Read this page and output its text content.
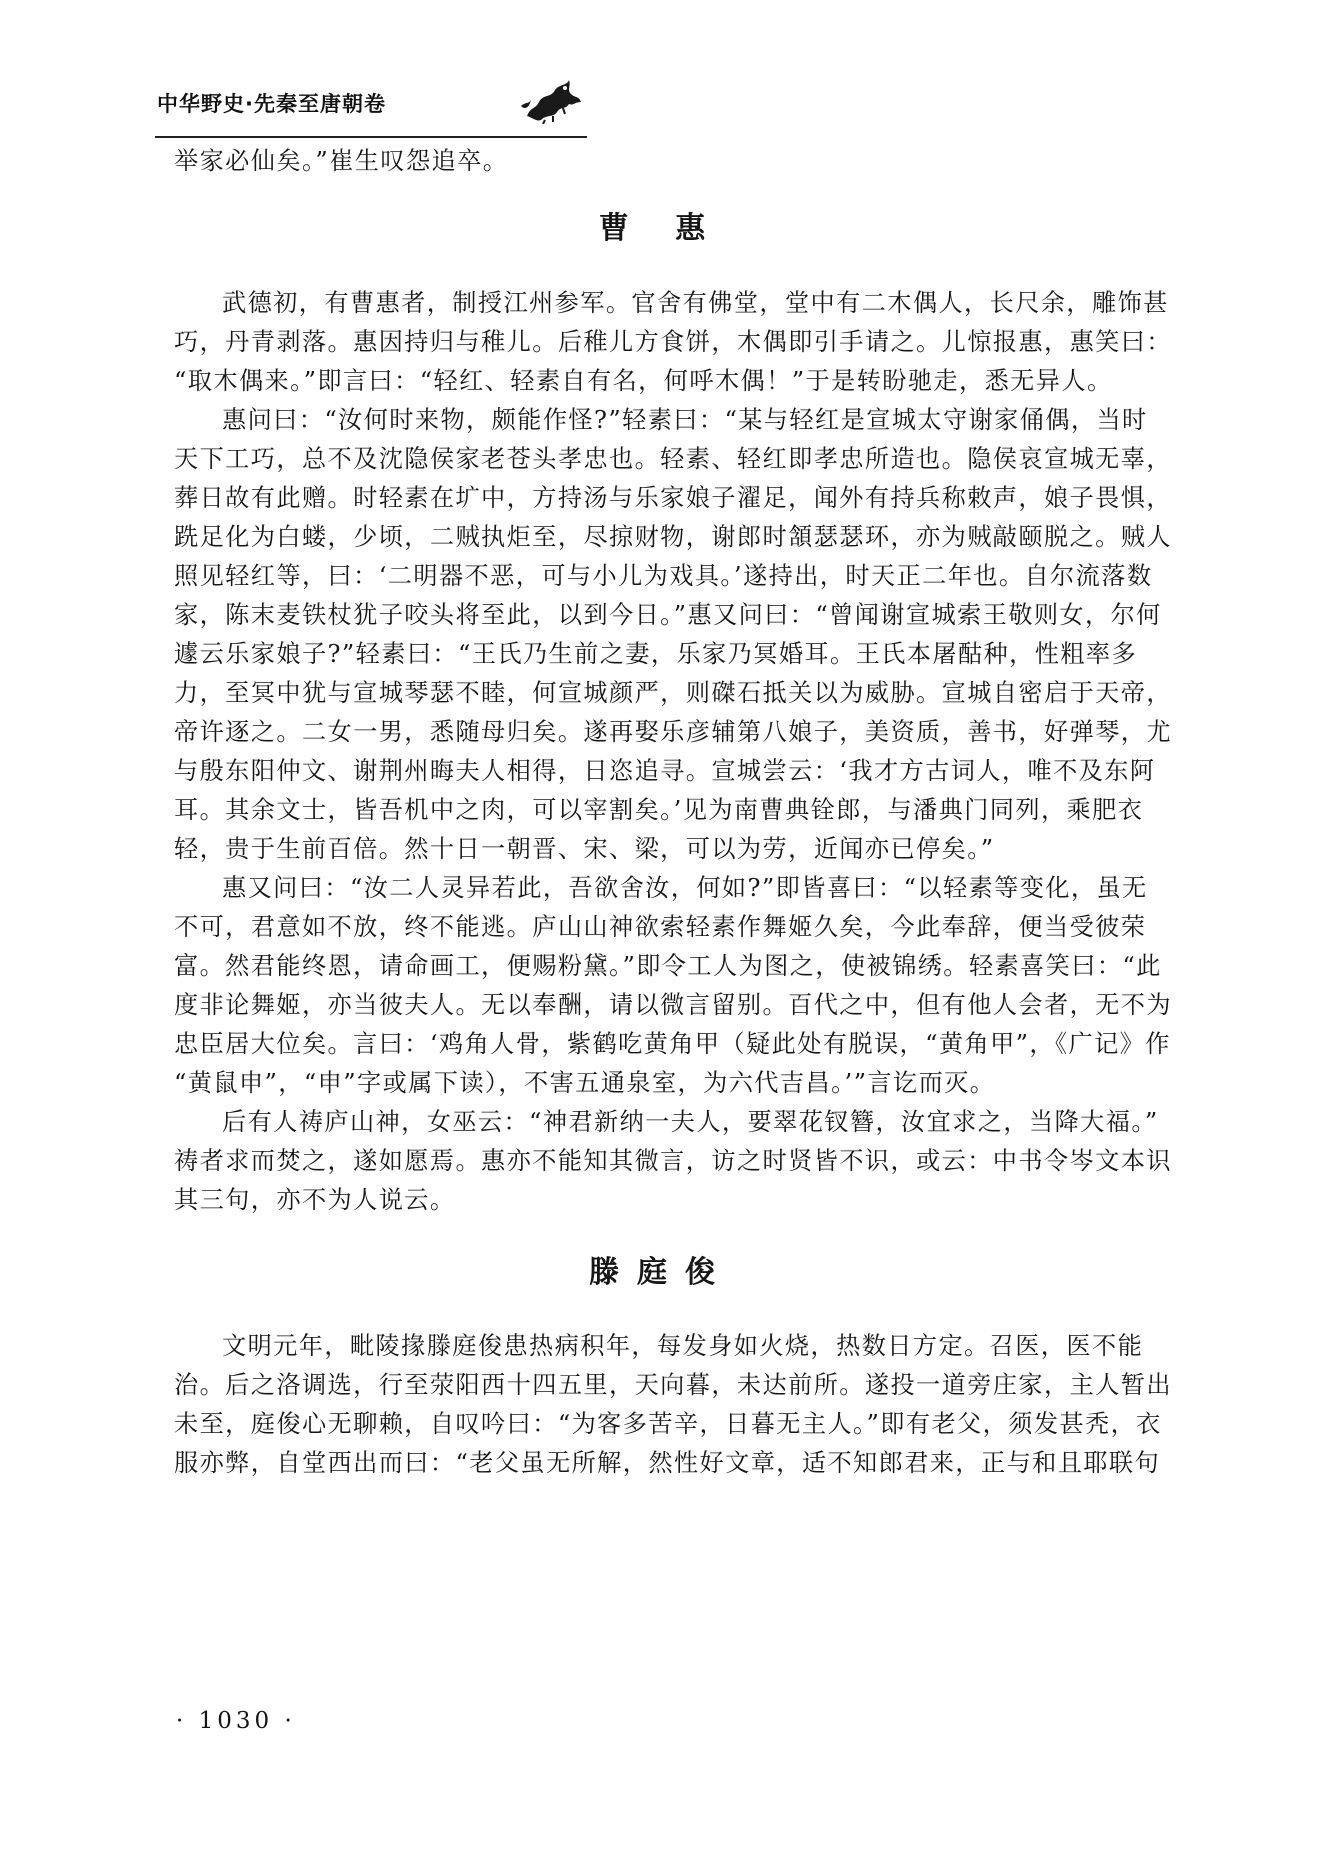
中华野史·先秦至唐朝卷

举家必仙矣。”崔生叹怨追卒。

曹 惠

武德初，有曹惠者，制授江州参军。官舍有佛堂，堂中有二木偶人，长尺余，雕饰甚

巧，丹青剥落。惠因持归与稚儿。后稚儿方食饼，木偶即引手请之。儿惊报惠，惠笑曰：

“取木偶来。”即言曰：“轻红、轻素自有名，何呼木偶！”于是转盼驰走，悉无异人。

惠问曰：“汝何时来物，颇能作怪?”轻素曰：“某与轻红是宣城太守谢家俑偶，当时

天下工巧，总不及沈隐侯家老苍头孝忠也。轻素、轻红即孝忠所造也。隐侯哀宣城无辜，

葬日故有此赠。时轻素在圹中，方持汤与乐家娘子濯足，闻外有持兵称敕声，娘子畏惧，

跣足化为白蝼，少顷，二贼执炬至，尽掠财物，谢郎时頷瑟瑟环，亦为贼敲颐脱之。贼人

照见轻红等，曰：‘二明器不恶，可与小儿为戏具。’遂持出，时天正二年也。自尔流落数

家，陈末麦铁杖犹子咬头将至此，以到今日。”惠又问曰：“曾闻谢宣城索王敬则女，尔何

遽云乐家娘子?”轻素曰：“王氏乃生前之妻，乐家乃冥婚耳。王氏本屠酤种，性粗率多

力，至冥中犹与宣城琴瑟不睦，何宣城颜严，则磔石抵关以为威胁。宣城自密启于天帝，

帝许逐之。二女一男，悉随母归矣。遂再娶乐彦辅第八娘子，美资质，善书，好弹琴，尤

与殷东阳仲文、谢荆州晦夫人相得，日恣追寻。宣城尝云：‘我才方古词人，唯不及东阿

耳。其余文士，皆吾机中之肉，可以宰割矣。’见为南曹典铨郎，与潘典门同列，乘肥衣

轻，贵于生前百倍。然十日一朝晋、宋、梁，可以为劳，近闻亦已停矣。”

惠又问曰：“汝二人灵异若此，吾欲舍汝，何如?”即皆喜曰：“以轻素等变化，虽无

不可，君意如不放，终不能逃。庐山山神欲索轻素作舞姬久矣，今此奉辞，便当受彼荣

富。然君能终恩，请命画工，便赐粉黛。”即令工人为图之，使被锦绣。轻素喜笑曰：“此

度非论舞姬，亦当彼夫人。无以奉酬，请以微言留别。百代之中，但有他人会者，无不为

忠臣居大位矣。言曰：‘鸡角人骨，紫鹤吃黄角甲（疑此处有脱误，“黄角甲”，《广记》作

“黄鼠申”，“申”字或属下读），不害五通泉室，为六代吉昌。’”言讫而灭。

后有人祷庐山神，女巫云：“神君新纳一夫人，要翠花钗簪，汝宜求之，当降大福。”

祷者求而焚之，遂如愿焉。惠亦不能知其微言，访之时贤皆不识，或云：中书令岑文本识

其三句，亦不为人说云。

滕庭俊

文明元年，毗陵掾滕庭俊患热病积年，每发身如火烧，热数日方定。召医，医不能

治。后之洛调选，行至荥阳西十四五里，天向暮，未达前所。遂投一道旁庄家，主人暂出

未至，庭俊心无聊赖，自叹吟曰：“为客多苦辛，日暮无主人。”即有老父，须发甚秃，衣

服亦弊，自堂西出而曰：“老父虽无所解，然性好文章，适不知郎君来，正与和且耶联句

· 1030 ·
